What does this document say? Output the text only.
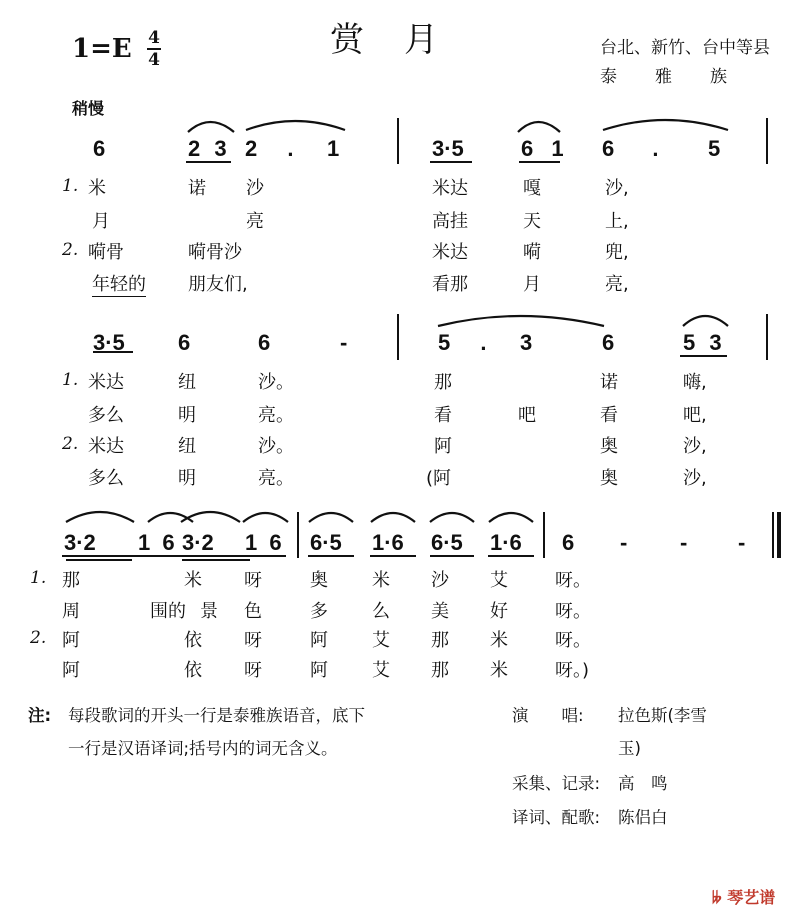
1=E 4
4	赏月	台北、新竹、台中等县
泰雅族
稍慢
6	2 3 2 . 1	3·5	6 1 6 . 5
1. 米	诺 沙	米达	嘎	沙,
月	亮	高挂	天	上,
2. 嗬骨	嗬骨沙	米达	嗬	兜,
年轻的 朋友们,	看那	月	亮,
3·5 6	6	-	5 . 3	6	5 3
1. 米达	纽	沙。	那	诺	嗨,
多么	明	亮。	看	吧	看	吧,
2. 米达	纽	沙。	阿	奥	沙,
多么	明	亮。	(阿	奥	沙,
3·2 1 6 3·2 1 6 6·5 1·6 6·5 1·6 6 - - -
1. 那	米 呀	奥 米 沙 艾	呀。
周	围的 景 色	多 么 美 好	呀。
2. 阿	依 呀	阿 艾 那 米	呀。
阿	依 呀	阿 艾 那 米	呀。)
注: 每段歌词的开头一行是泰雅族语音，底下
一行是汉语译词;括号内的词无含义。
演　　唱: 拉色斯(李雪
玉)
采集、记录: 高　鸣
译词、配歌: 陈侣白
𝄫 琴艺谱
